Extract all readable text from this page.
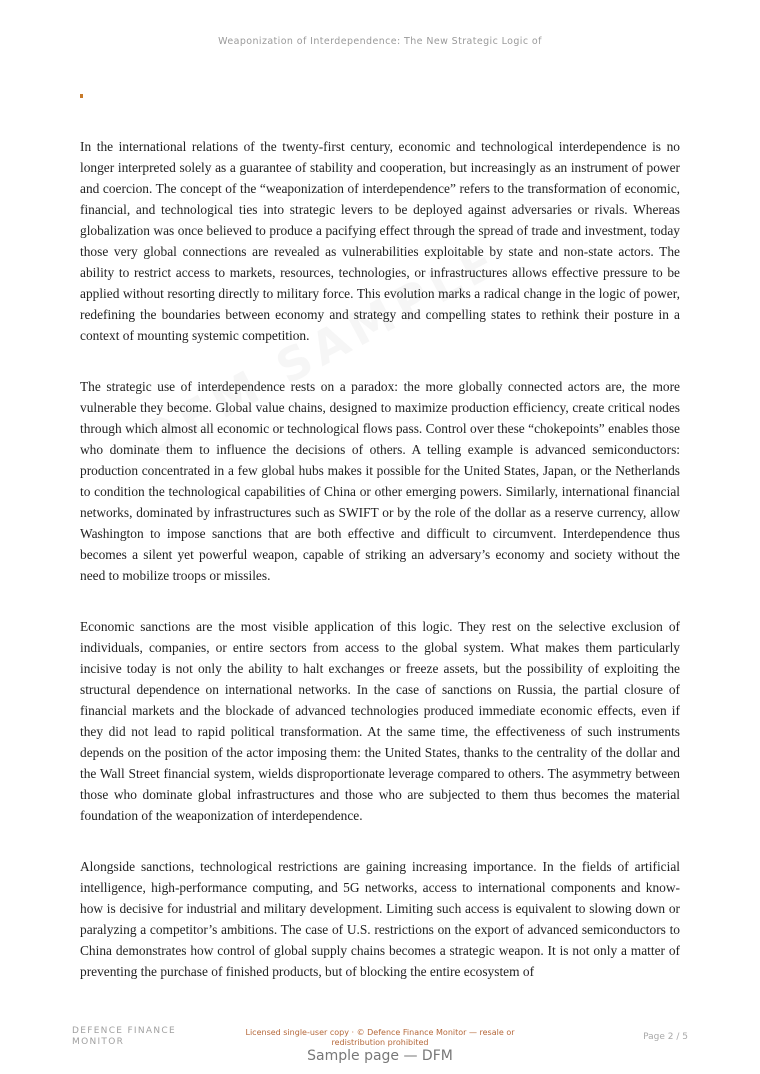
Weaponization of Interdependence: The New Strategic Logic of

In the international relations of the twenty-first century, economic and technological interdependence is no longer interpreted solely as a guarantee of stability and cooperation, but increasingly as an instrument of power and coercion. The concept of the “weaponization of interdependence” refers to the transformation of economic, financial, and technological ties into strategic levers to be deployed against adversaries or rivals. Whereas globalization was once believed to produce a pacifying effect through the spread of trade and investment, today those very global connections are revealed as vulnerabilities exploitable by state and non-state actors. The ability to restrict access to markets, resources, technologies, or infrastructures allows effective pressure to be applied without resorting directly to military force. This evolution marks a radical change in the logic of power, redefining the boundaries between economy and strategy and compelling states to rethink their posture in a context of mounting systemic competition.

The strategic use of interdependence rests on a paradox: the more globally connected actors are, the more vulnerable they become. Global value chains, designed to maximize production efficiency, create critical nodes through which almost all economic or technological flows pass. Control over these “chokepoints” enables those who dominate them to influence the decisions of others. A telling example is advanced semiconductors: production concentrated in a few global hubs makes it possible for the United States, Japan, or the Netherlands to condition the technological capabilities of China or other emerging powers. Similarly, international financial networks, dominated by infrastructures such as SWIFT or by the role of the dollar as a reserve currency, allow Washington to impose sanctions that are both effective and difficult to circumvent. Interdependence thus becomes a silent yet powerful weapon, capable of striking an adversary’s economy and society without the need to mobilize troops or missiles.

Economic sanctions are the most visible application of this logic. They rest on the selective exclusion of individuals, companies, or entire sectors from access to the global system. What makes them particularly incisive today is not only the ability to halt exchanges or freeze assets, but the possibility of exploiting the structural dependence on international networks. In the case of sanctions on Russia, the partial closure of financial markets and the blockade of advanced technologies produced immediate economic effects, even if they did not lead to rapid political transformation. At the same time, the effectiveness of such instruments depends on the position of the actor imposing them: the United States, thanks to the centrality of the dollar and the Wall Street financial system, wields disproportionate leverage compared to others. The asymmetry between those who dominate global infrastructures and those who are subjected to them thus becomes the material foundation of the weaponization of interdependence.

Alongside sanctions, technological restrictions are gaining increasing importance. In the fields of artificial intelligence, high-performance computing, and 5G networks, access to international components and know-how is decisive for industrial and military development. Limiting such access is equivalent to slowing down or paralyzing a competitor’s ambitions. The case of U.S. restrictions on the export of advanced semiconductors to China demonstrates how control of global supply chains becomes a strategic weapon. It is not only a matter of preventing the purchase of finished products, but of blocking the entire ecosystem of

DEFENCE FINANCE
MONITOR
Licensed single-user copy · © Defence Finance Monitor — resale or redistribution prohibited
Page 2 / 5
Sample page — DFM
